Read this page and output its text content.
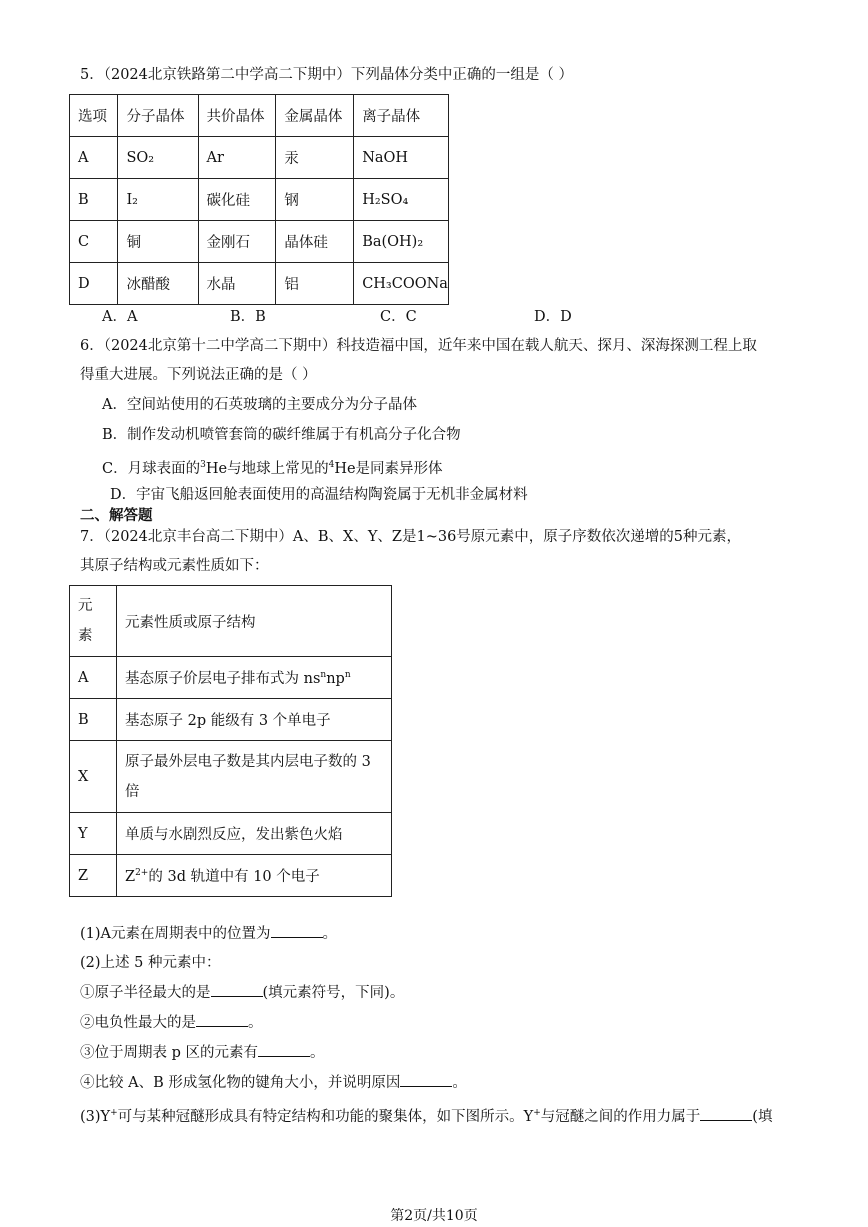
5．（2024北京铁路第二中学高二下期中）下列晶体分类中正确的一组是（ ）
选项	分子晶体	共价晶体	金属晶体	离子晶体
A	SO₂	Ar	汞	NaOH
B	I₂	碳化硅	钢	H₂SO₄
C	铜	金刚石	晶体硅	Ba(OH)₂
D	冰醋酸	水晶	铝	CH₃COONa
A．A	B．B	C．C	D．D
6．（2024北京第十二中学高二下期中）科技造福中国，近年来中国在载人航天、探月、深海探测工程上取
得重大进展。下列说法正确的是（ ）
A．空间站使用的石英玻璃的主要成分为分子晶体
B．制作发动机喷管套筒的碳纤维属于有机高分子化合物
C．月球表面的$^3$He与地球上常见的$^4$He是同素异形体
D．宇宙飞船返回舱表面使用的高温结构陶瓷属于无机非金属材料
二、解答题
7．（2024北京丰台高二下期中）A、B、X、Y、Z是1~36号原元素中，原子序数依次递增的5种元素，
其原子结构或元素性质如下：
元
素	元素性质或原子结构
A	基态原子价层电子排布式为 $ns^nnp^n$
B	基态原子 2p 能级有 3 个单电子
X	原子最外层电子数是其内层电子数的 3
倍
Y	单质与水剧烈反应，发出紫色火焰
Z	$Z^{2+}$的 3d 轨道中有 10 个电子
(1)A元素在周期表中的位置为	。
(2)上述 5 种元素中：
①原子半径最大的是	(填元素符号，下同)。
②电负性最大的是	。
③位于周期表 p 区的元素有	。
④比较 A、B 形成氢化物的键角大小，并说明原因	。
(3)Y+可与某种冠醚形成具有特定结构和功能的聚集体，如下图所示。Y+与冠醚之间的作用力属于	(填
第2页/共10页
